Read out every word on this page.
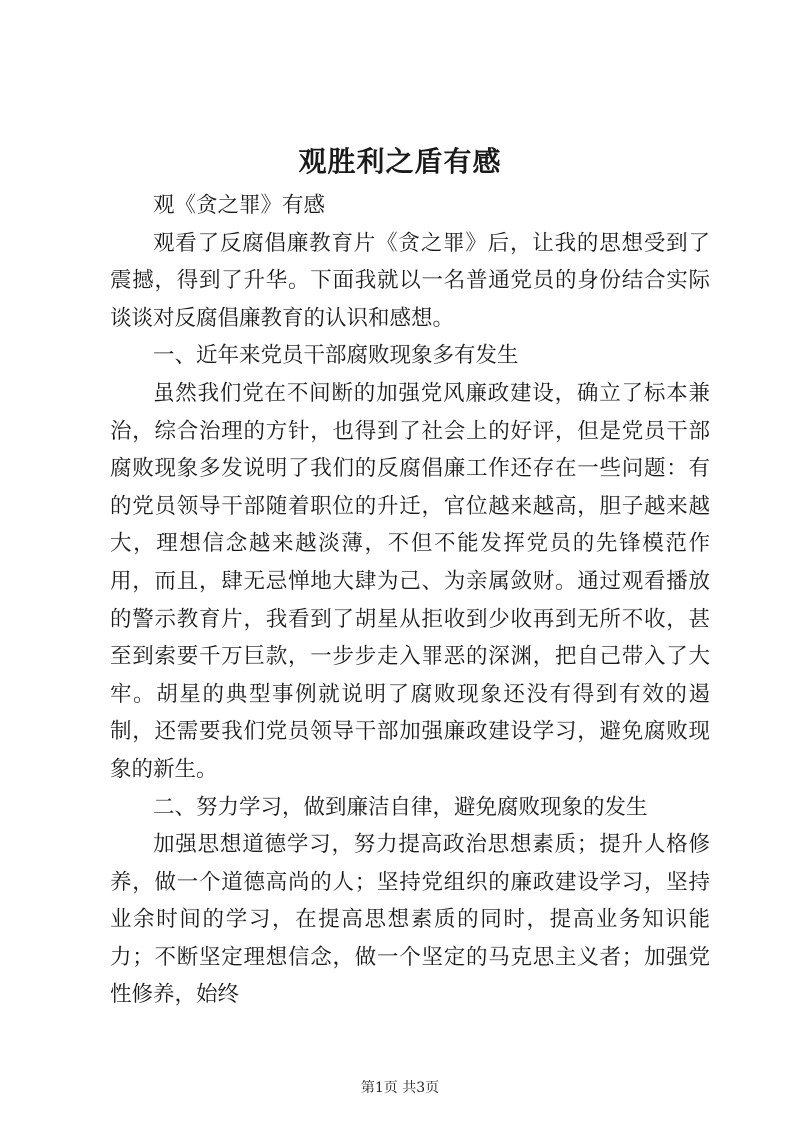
观胜利之盾有感

观《贪之罪》有感

观看了反腐倡廉教育片《贪之罪》后，让我的思想受到了震撼，得到了升华。下面我就以一名普通党员的身份结合实际谈谈对反腐倡廉教育的认识和感想。

一、近年来党员干部腐败现象多有发生

虽然我们党在不间断的加强党风廉政建设，确立了标本兼治，综合治理的方针，也得到了社会上的好评，但是党员干部腐败现象多发说明了我们的反腐倡廉工作还存在一些问题：有的党员领导干部随着职位的升迁，官位越来越高，胆子越来越大，理想信念越来越淡薄，不但不能发挥党员的先锋模范作用，而且，肆无忌惮地大肆为己、为亲属敛财。通过观看播放的警示教育片，我看到了胡星从拒收到少收再到无所不收，甚至到索要千万巨款，一步步走入罪恶的深渊，把自己带入了大牢。胡星的典型事例就说明了腐败现象还没有得到有效的遏制，还需要我们党员领导干部加强廉政建设学习，避免腐败现象的新生。

二、努力学习，做到廉洁自律，避免腐败现象的发生

加强思想道德学习，努力提高政治思想素质；提升人格修养，做一个道德高尚的人；坚持党组织的廉政建设学习，坚持业余时间的学习，在提高思想素质的同时，提高业务知识能力；不断坚定理想信念，做一个坚定的马克思主义者；加强党性修养，始终

第1页 共3页
